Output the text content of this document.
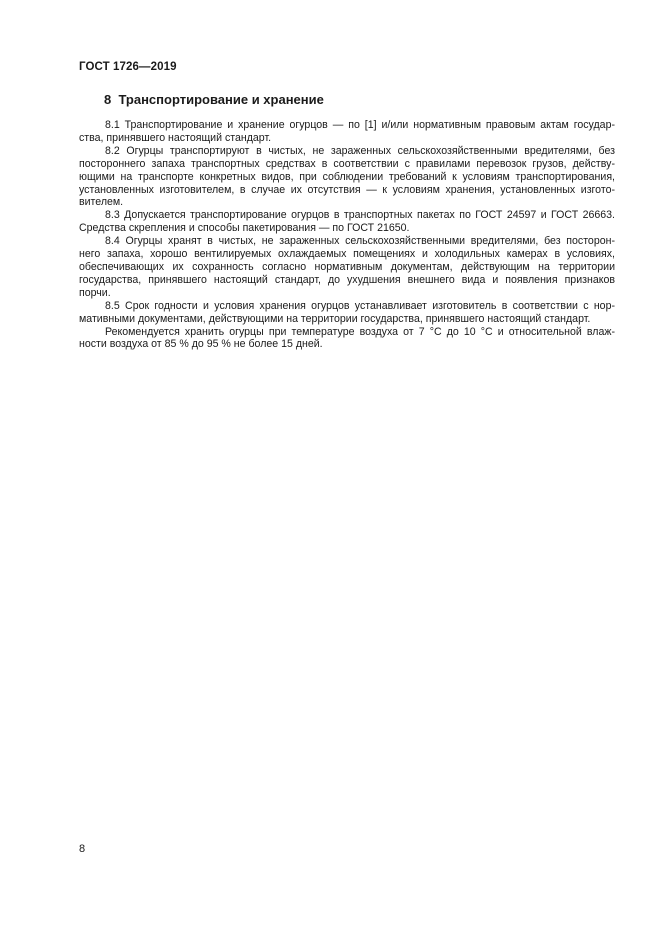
ГОСТ 1726—2019
8  Транспортирование и хранение
8.1 Транспортирование и хранение огурцов — по [1] и/или нормативным правовым актам государ-
ства, принявшего настоящий стандарт.
8.2 Огурцы транспортируют в чистых, не зараженных сельскохозяйственными вредителями, без
постороннего запаха транспортных средствах в соответствии с правилами перевозок грузов, действу-
ющими на транспорте конкретных видов, при соблюдении требований к условиям транспортирования,
установленных изготовителем, в случае их отсутствия — к условиям хранения, установленных изгото-
вителем.
8.3 Допускается транспортирование огурцов в транспортных пакетах по ГОСТ 24597 и ГОСТ 26663.
Средства скрепления и способы пакетирования — по ГОСТ 21650.
8.4 Огурцы хранят в чистых, не зараженных сельскохозяйственными вредителями, без посторон-
него запаха, хорошо вентилируемых охлаждаемых помещениях и холодильных камерах в условиях,
обеспечивающих их сохранность согласно нормативным документам, действующим на территории
государства, принявшего настоящий стандарт, до ухудшения внешнего вида и появления признаков
порчи.
8.5 Срок годности и условия хранения огурцов устанавливает изготовитель в соответствии с нор-
мативными документами, действующими на территории государства, принявшего настоящий стандарт.
Рекомендуется хранить огурцы при температуре воздуха от 7 °С до 10 °С и относительной влаж-
ности воздуха от 85 % до 95 % не более 15 дней.
8
